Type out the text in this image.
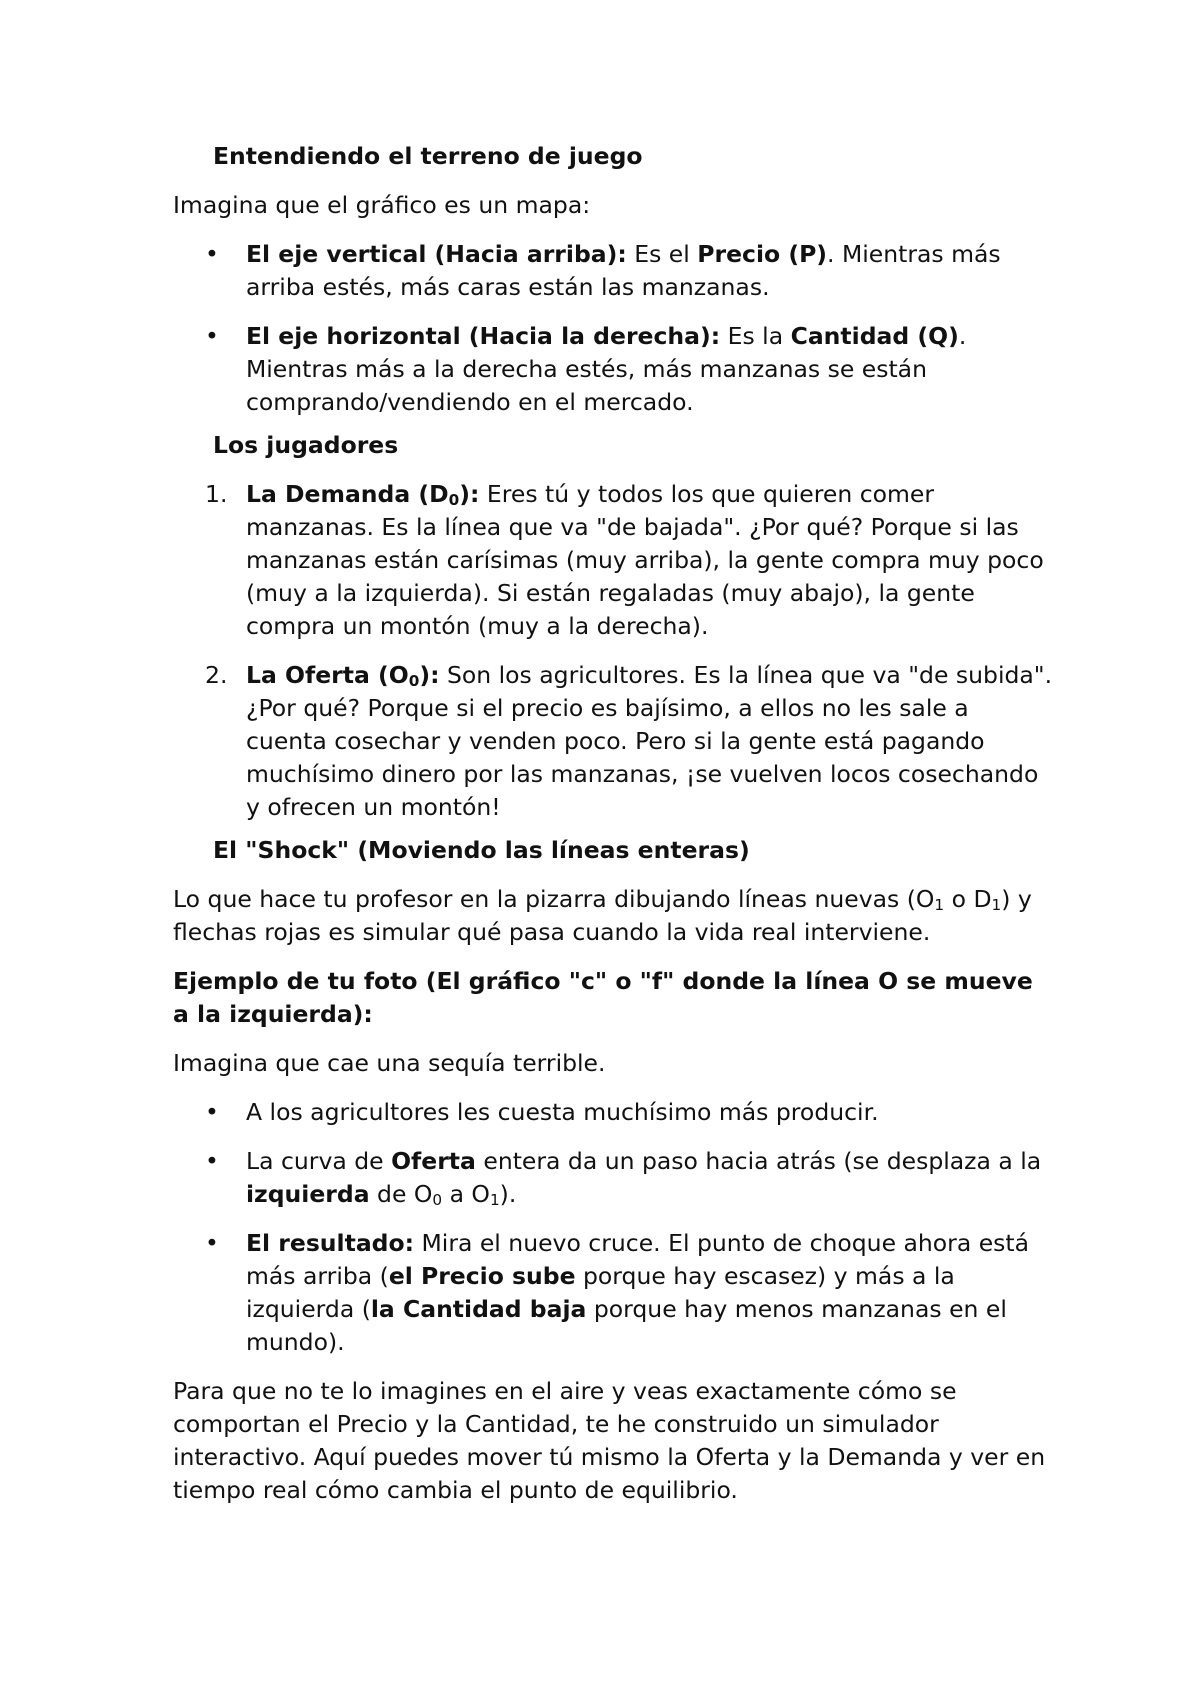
Entendiendo el terreno de juego

Imagina que el gráfico es un mapa:

• El eje vertical (Hacia arriba): Es el Precio (P). Mientras más arriba estés, más caras están las manzanas.
• El eje horizontal (Hacia la derecha): Es la Cantidad (Q). Mientras más a la derecha estés, más manzanas se están comprando/vendiendo en el mercado.

Los jugadores

1. La Demanda $(D_0)$: Eres tú y todos los que quieren comer manzanas. Es la línea que va "de bajada". ¿Por qué? Porque si las manzanas están carísimas (muy arriba), la gente compra muy poco (muy a la izquierda). Si están regaladas (muy abajo), la gente compra un montón (muy a la derecha).
2. La Oferta $(O_0)$: Son los agricultores. Es la línea que va "de subida". ¿Por qué? Porque si el precio es bajísimo, a ellos no les sale a cuenta cosechar y venden poco. Pero si la gente está pagando muchísimo dinero por las manzanas, ¡se vuelven locos cosechando y ofrecen un montón!

El "Shock" (Moviendo las líneas enteras)

Lo que hace tu profesor en la pizarra dibujando líneas nuevas ($O_1$ o $D_1$) y flechas rojas es simular qué pasa cuando la vida real interviene.

Ejemplo de tu foto (El gráfico "c" o "f" donde la línea O se mueve a la izquierda):

Imagina que cae una sequía terrible.

• A los agricultores les cuesta muchísimo más producir.
• La curva de Oferta entera da un paso hacia atrás (se desplaza a la izquierda de $O_0$ a $O_1$).
• El resultado: Mira el nuevo cruce. El punto de choque ahora está más arriba (el Precio sube porque hay escasez) y más a la izquierda (la Cantidad baja porque hay menos manzanas en el mundo).

Para que no te lo imagines en el aire y veas exactamente cómo se comportan el Precio y la Cantidad, te he construido un simulador interactivo. Aquí puedes mover tú mismo la Oferta y la Demanda y ver en tiempo real cómo cambia el punto de equilibrio.
